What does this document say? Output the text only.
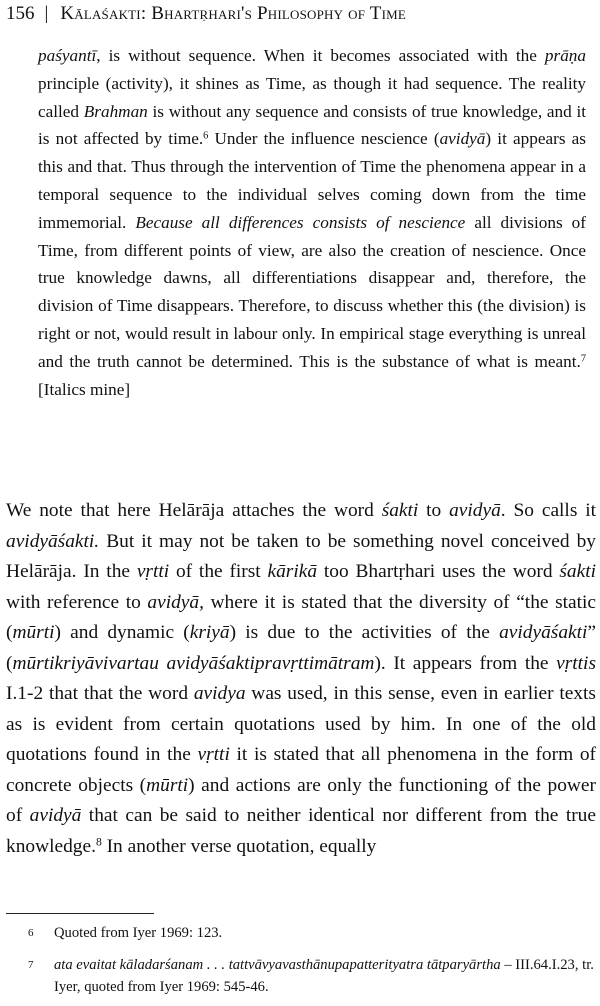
156 | Kālaśakti: Bhartṛhari's Philosophy of Time
paśyantī, is without sequence. When it becomes associated with the prāṇa principle (activity), it shines as Time, as though it had sequence. The reality called Brahman is without any sequence and consists of true knowledge, and it is not affected by time.$^6$ Under the influence nescience (avidyā) it appears as this and that. Thus through the intervention of Time the phenomena appear in a temporal sequence to the individual selves coming down from the time immemorial. Because all differences consists of nescience all divisions of Time, from different points of view, are also the creation of nescience. Once true knowledge dawns, all differentiations disappear and, therefore, the division of Time disappears. Therefore, to discuss whether this (the division) is right or not, would result in labour only. In empirical stage everything is unreal and the truth cannot be determined. This is the substance of what is meant.$^7$ [Italics mine]
We note that here Helārāja attaches the word śakti to avidyā. So calls it avidyāśakti. But it may not be taken to be something novel conceived by Helārāja. In the vṛtti of the first kārikā too Bhartṛhari uses the word śakti with reference to avidyā, where it is stated that the diversity of “the static (mūrti) and dynamic (kriyā) is due to the activities of the avidyāśakti” (mūrtikriyāvivartau avidyāśaktipravṛttimātram). It appears from the vṛttis I.1-2 that that the word avidya was used, in this sense, even in earlier texts as is evident from certain quotations used by him. In one of the old quotations found in the vṛtti it is stated that all phenomena in the form of concrete objects (mūrti) and actions are only the functioning of the power of avidyā that can be said to neither identical nor different from the true knowledge.$^8$ In another verse quotation, equally
6 Quoted from Iyer 1969: 123.
7 ata evaitat kāladarśanam . . . tattvāvyavasthānupapatterityatra tātparyārtha – III.64.I.23, tr. Iyer, quoted from Iyer 1969: 545-46.
